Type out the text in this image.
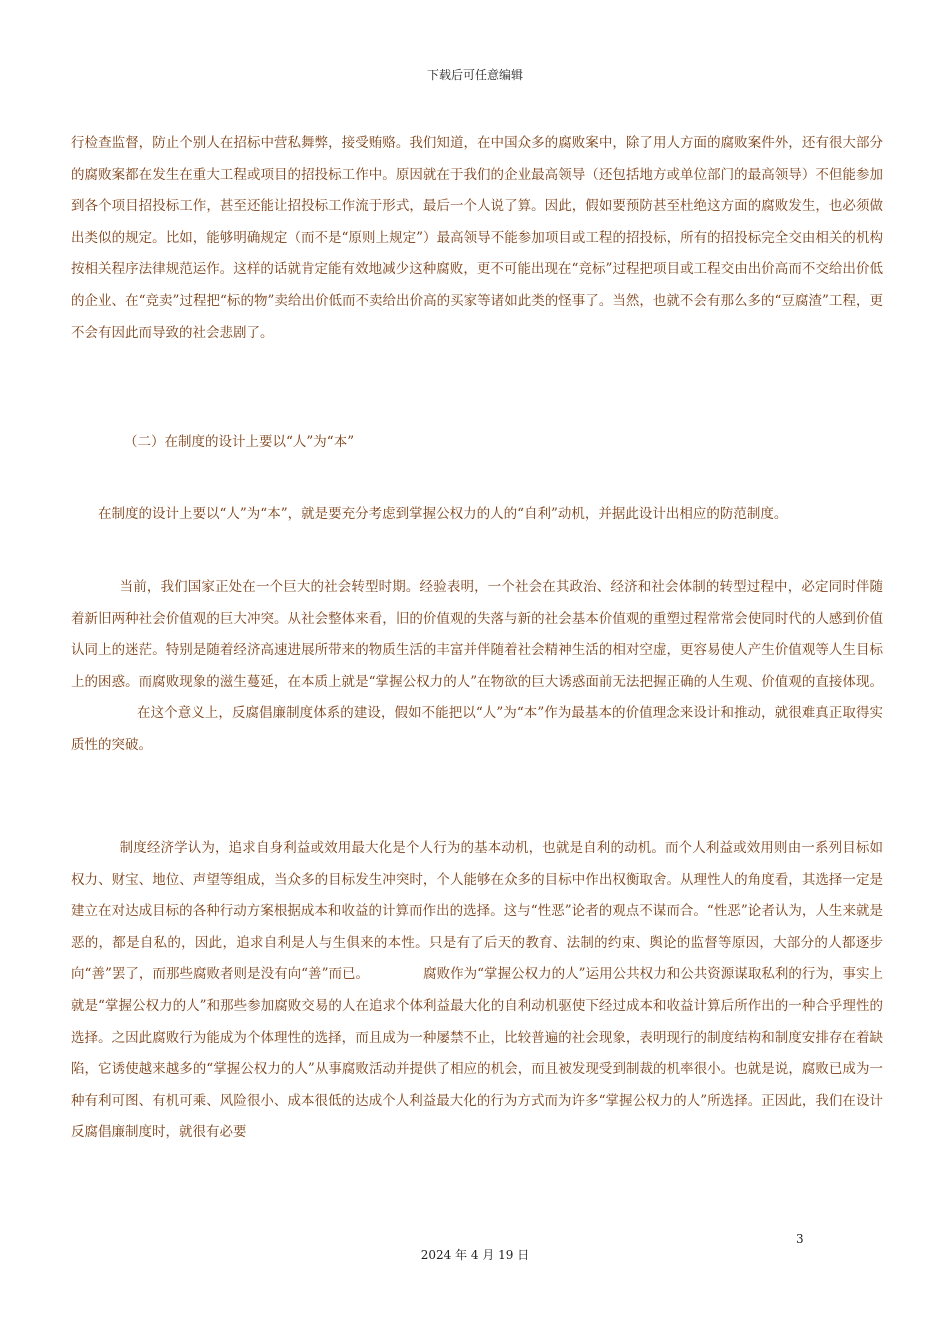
下载后可任意编辑

行检查监督，防止个别人在招标中营私舞弊，接受贿赂。我们知道，在中国众多的腐败案中，除了用人方面的腐败案件外，还有很大部分的腐败案都在发生在重大工程或项目的招投标工作中。原因就在于我们的企业最高领导（还包括地方或单位部门的最高领导）不但能参加到各个项目招投标工作，甚至还能让招投标工作流于形式，最后一个人说了算。因此，假如要预防甚至杜绝这方面的腐败发生，也必须做出类似的规定。比如，能够明确规定（而不是“原则上规定”）最高领导不能参加项目或工程的招投标，所有的招投标完全交由相关的机构按相关程序法律规范运作。这样的话就肯定能有效地减少这种腐败，更不可能出现在“竞标”过程把项目或工程交由出价高而不交给出价低的企业、在“竞卖”过程把“标的物”卖给出价低而不卖给出价高的买家等诸如此类的怪事了。当然，也就不会有那么多的“豆腐渣”工程，更不会有因此而导致的社会悲剧了。

（二）在制度的设计上要以“人”为“本”

在制度的设计上要以“人”为“本”，就是要充分考虑到掌握公权力的人的“自利”动机，并据此设计出相应的防范制度。

当前，我们国家正处在一个巨大的社会转型时期。经验表明，一个社会在其政治、经济和社会体制的转型过程中，必定同时伴随着新旧两种社会价值观的巨大冲突。从社会整体来看，旧的价值观的失落与新的社会基本价值观的重塑过程常常会使同时代的人感到价值认同上的迷茫。特别是随着经济高速进展所带来的物质生活的丰富并伴随着社会精神生活的相对空虚，更容易使人产生价值观等人生目标上的困惑。而腐败现象的滋生蔓延，在本质上就是“掌握公权力的人”在物欲的巨大诱惑面前无法把握正确的人生观、价值观的直接体现。在这个意义上，反腐倡廉制度体系的建设，假如不能把以“人”为“本”作为最基本的价值理念来设计和推动，就很难真正取得实质性的突破。

制度经济学认为，追求自身利益或效用最大化是个人行为的基本动机，也就是自利的动机。而个人利益或效用则由一系列目标如权力、财宝、地位、声望等组成，当众多的目标发生冲突时，个人能够在众多的目标中作出权衡取舍。从理性人的角度看，其选择一定是建立在对达成目标的各种行动方案根据成本和收益的计算而作出的选择。这与“性恶”论者的观点不谋而合。“性恶”论者认为，人生来就是恶的，都是自私的，因此，追求自利是人与生俱来的本性。只是有了后天的教育、法制的约束、舆论的监督等原因，大部分的人都逐步向“善”罢了，而那些腐败者则是没有向“善”而已。	腐败作为“掌握公权力的人”运用公共权力和公共资源谋取私利的行为，事实上就是“掌握公权力的人”和那些参加腐败交易的人在追求个体利益最大化的自利动机驱使下经过成本和收益计算后所作出的一种合乎理性的选择。之因此腐败行为能成为个体理性的选择，而且成为一种屡禁不止，比较普遍的社会现象，表明现行的制度结构和制度安排存在着缺陷，它诱使越来越多的“掌握公权力的人”从事腐败活动并提供了相应的机会，而且被发现受到制裁的机率很小。也就是说，腐败已成为一种有利可图、有机可乘、风险很小、成本很低的达成个人利益最大化的行为方式而为许多“掌握公权力的人”所选择。正因此，我们在设计反腐倡廉制度时，就很有必要

3
2024 年 4 月 19 日
